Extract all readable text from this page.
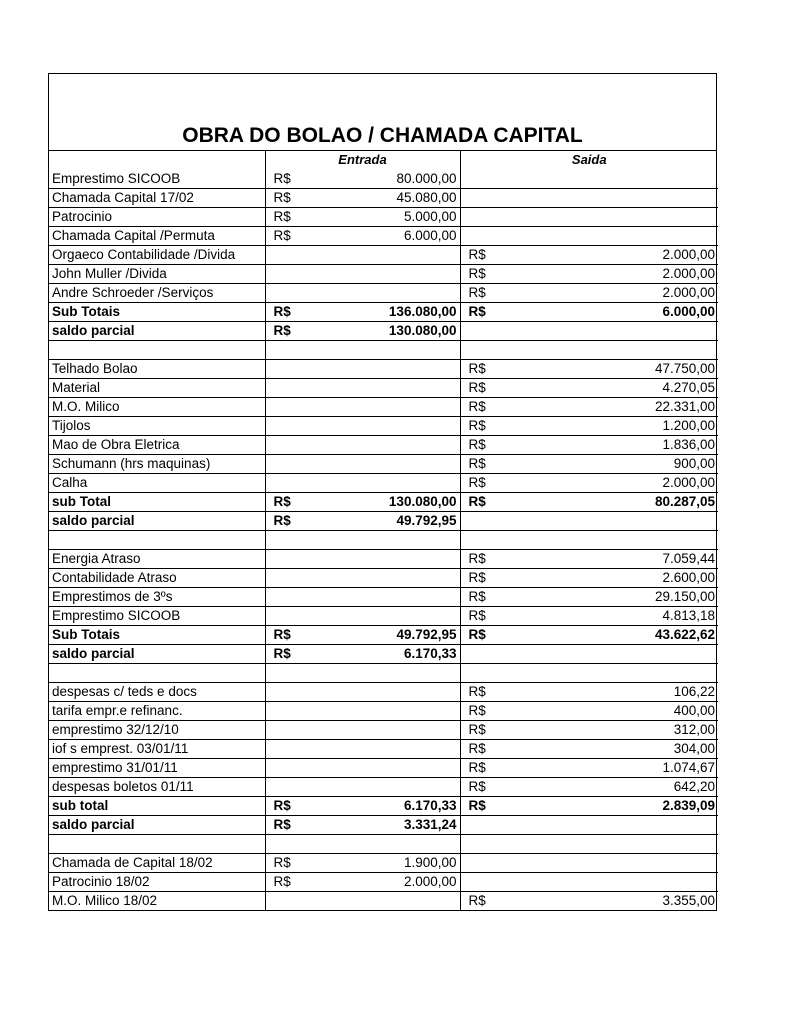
OBRA DO BOLAO / CHAMADA CAPITAL
	Entrada	Saida
Emprestimo SICOOB	R$ 80.000,00	

Chamada Capital 17/02	R$ 45.080,00	

Patrocinio	R$ 5.000,00	

Chamada Capital /Permuta	R$ 6.000,00	

Orgaeco Contabilidade /Divida		R$ 2.000,00

John Muller /Divida		R$ 2.000,00

Andre Schroeder /Serviços		R$ 2.000,00

Sub Totais	R$ 136.080,00	R$ 6.000,00

saldo parcial	R$ 130.080,00	

Telhado Bolao		R$ 47.750,00

Material		R$ 4.270,05

M.O. Milico		R$ 22.331,00

Tijolos		R$ 1.200,00

Mao de Obra Eletrica		R$ 1.836,00

Schumann (hrs maquinas)		R$ 900,00

Calha		R$ 2.000,00

sub Total	R$ 130.080,00	R$ 80.287,05

saldo parcial	R$ 49.792,95	

Energia Atraso		R$ 7.059,44

Contabilidade Atraso		R$ 2.600,00

Emprestimos de 3ºs		R$ 29.150,00

Emprestimo SICOOB		R$ 4.813,18

Sub Totais	R$ 49.792,95	R$ 43.622,62

saldo parcial	R$ 6.170,33	

despesas c/ teds e docs		R$ 106,22

tarifa empr.e refinanc.		R$ 400,00

emprestimo 32/12/10		R$ 312,00

iof s emprest. 03/01/11		R$ 304,00

emprestimo 31/01/11		R$ 1.074,67

despesas boletos 01/11		R$ 642,20

sub total	R$ 6.170,33	R$ 2.839,09

saldo parcial	R$ 3.331,24	

Chamada de Capital 18/02	R$ 1.900,00	

Patrocinio 18/02	R$ 2.000,00	

M.O. Milico 18/02		R$ 3.355,00
